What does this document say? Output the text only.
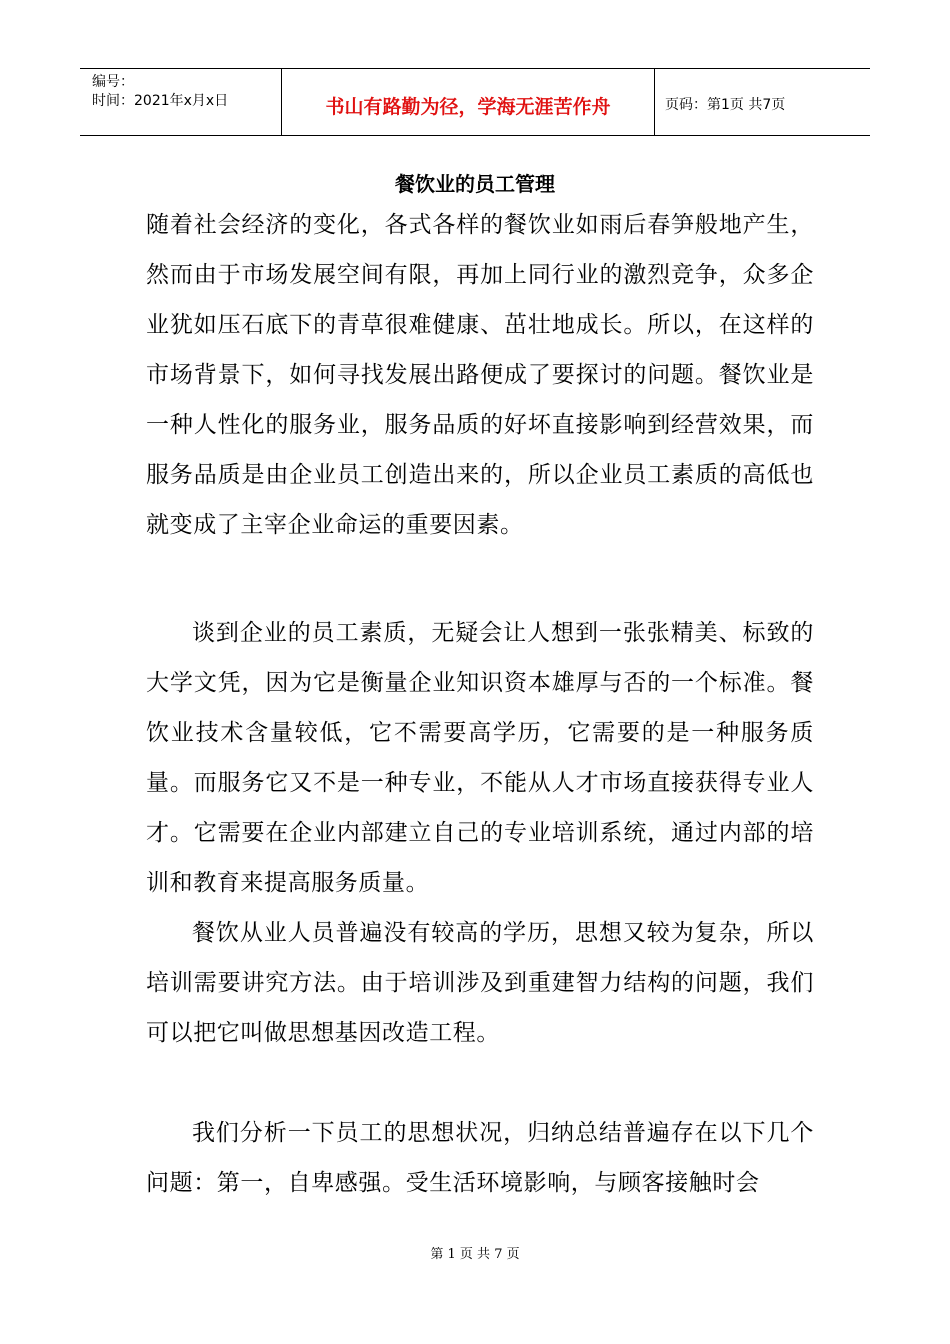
编号：
时间：2021年x月x日	书山有路勤为径，学海无涯苦作舟	页码：第1页 共7页
餐饮业的员工管理

随着社会经济的变化，各式各样的餐饮业如雨后春笋般地产生，然而由于市场发展空间有限，再加上同行业的激烈竞争，众多企业犹如压石底下的青草很难健康、茁壮地成长。所以，在这样的市场背景下，如何寻找发展出路便成了要探讨的问题。餐饮业是一种人性化的服务业，服务品质的好坏直接影响到经营效果，而服务品质是由企业员工创造出来的，所以企业员工素质的高低也就变成了主宰企业命运的重要因素。

谈到企业的员工素质，无疑会让人想到一张张精美、标致的大学文凭，因为它是衡量企业知识资本雄厚与否的一个标准。餐饮业技术含量较低，它不需要高学历，它需要的是一种服务质量。而服务它又不是一种专业，不能从人才市场直接获得专业人才。它需要在企业内部建立自己的专业培训系统，通过内部的培训和教育来提高服务质量。

餐饮从业人员普遍没有较高的学历，思想又较为复杂，所以培训需要讲究方法。由于培训涉及到重建智力结构的问题，我们可以把它叫做思想基因改造工程。

我们分析一下员工的思想状况，归纳总结普遍存在以下几个问题：第一，自卑感强。受生活环境影响，与顾客接触时会

第 1 页 共 7 页
